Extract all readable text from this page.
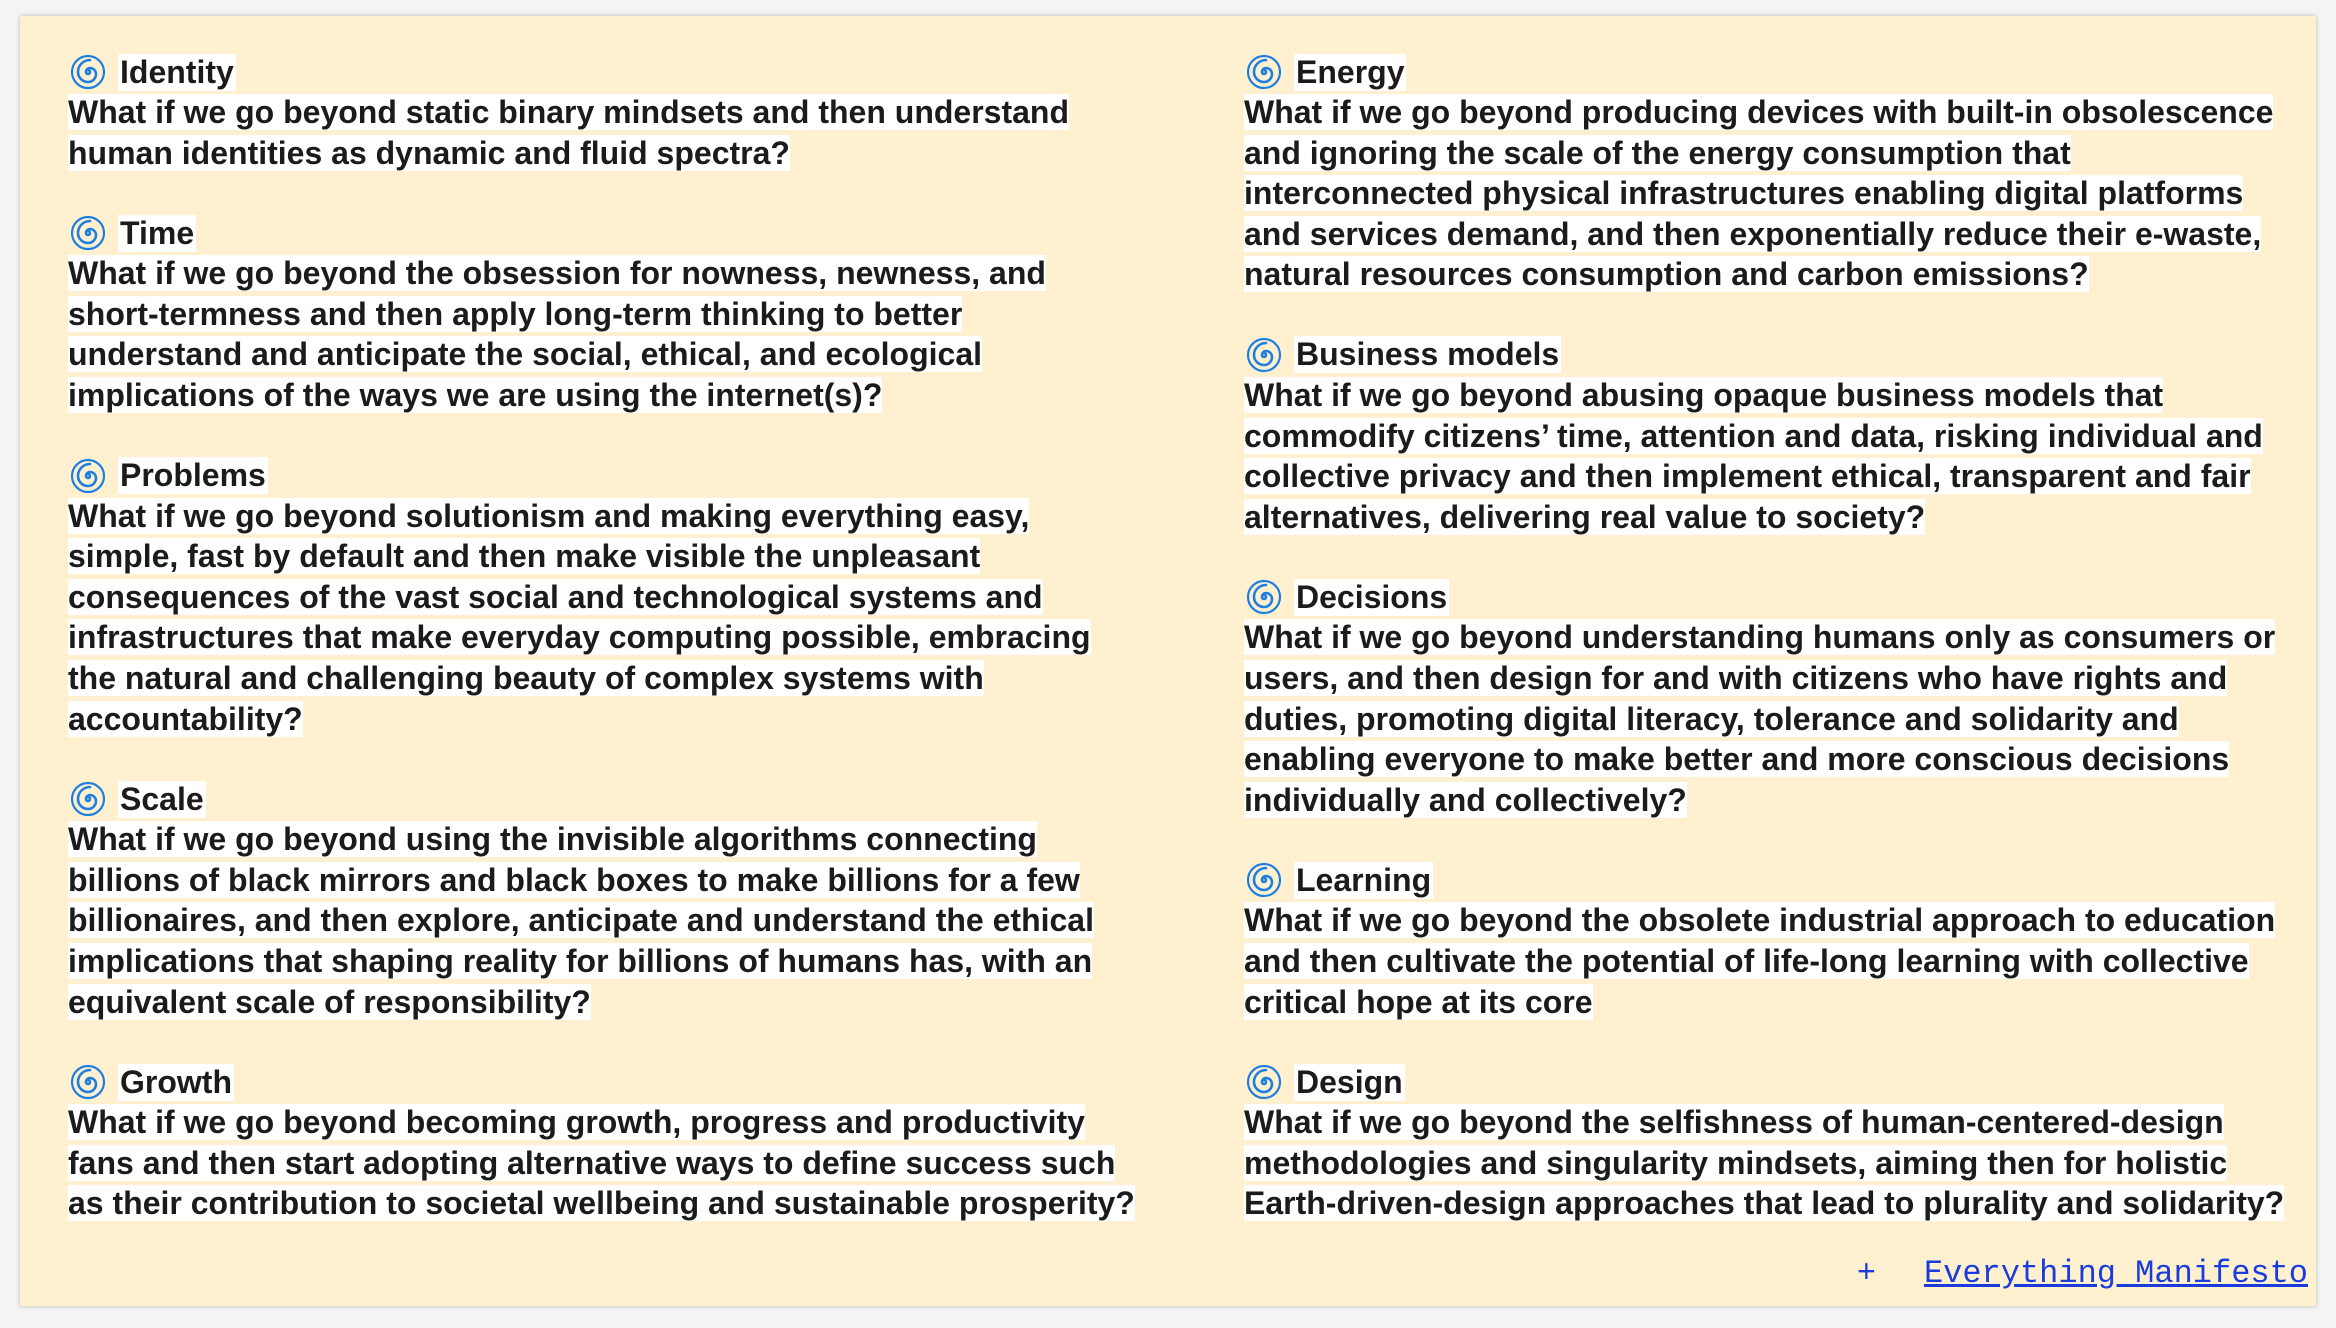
Identity

What if we go beyond static binary mindsets and then understand human identities as dynamic and fluid spectra?

Time

What if we go beyond the obsession for nowness, newness, and short-termness and then apply long-term thinking to better understand and anticipate the social, ethical, and ecological implications of the ways we are using the internet(s)?

Problems

What if we go beyond solutionism and making everything easy, simple, fast by default and then make visible the unpleasant consequences of the vast social and technological systems and infrastructures that make everyday computing possible, embracing the natural and challenging beauty of complex systems with accountability?

Scale

What if we go beyond using the invisible algorithms connecting billions of black mirrors and black boxes to make billions for a few billionaires, and then explore, anticipate and understand the ethical implications that shaping reality for billions of humans has, with an equivalent scale of responsibility?

Growth

What if we go beyond becoming growth, progress and productivity fans and then start adopting alternative ways to define success such as their contribution to societal wellbeing and sustainable prosperity?

Energy

What if we go beyond producing devices with built-in obsolescence and ignoring the scale of the energy consumption that interconnected physical infrastructures enabling digital platforms and services demand, and then exponentially reduce their e-waste, natural resources consumption and carbon emissions?

Business models

What if we go beyond abusing opaque business models that commodify citizens’ time, attention and data, risking individual and collective privacy and then implement ethical, transparent and fair alternatives, delivering real value to society?

Decisions

What if we go beyond understanding humans only as consumers or users, and then design for and with citizens who have rights and duties, promoting digital literacy, tolerance and solidarity and enabling everyone to make better and more conscious decisions individually and collectively?

Learning

What if we go beyond the obsolete industrial approach to education and then cultivate the potential of life-long learning with collective critical hope at its core

Design

What if we go beyond the selfishness of human-centered-design methodologies and singularity mindsets, aiming then for holistic Earth-driven-design approaches that lead to plurality and solidarity?

+ Everything Manifesto
